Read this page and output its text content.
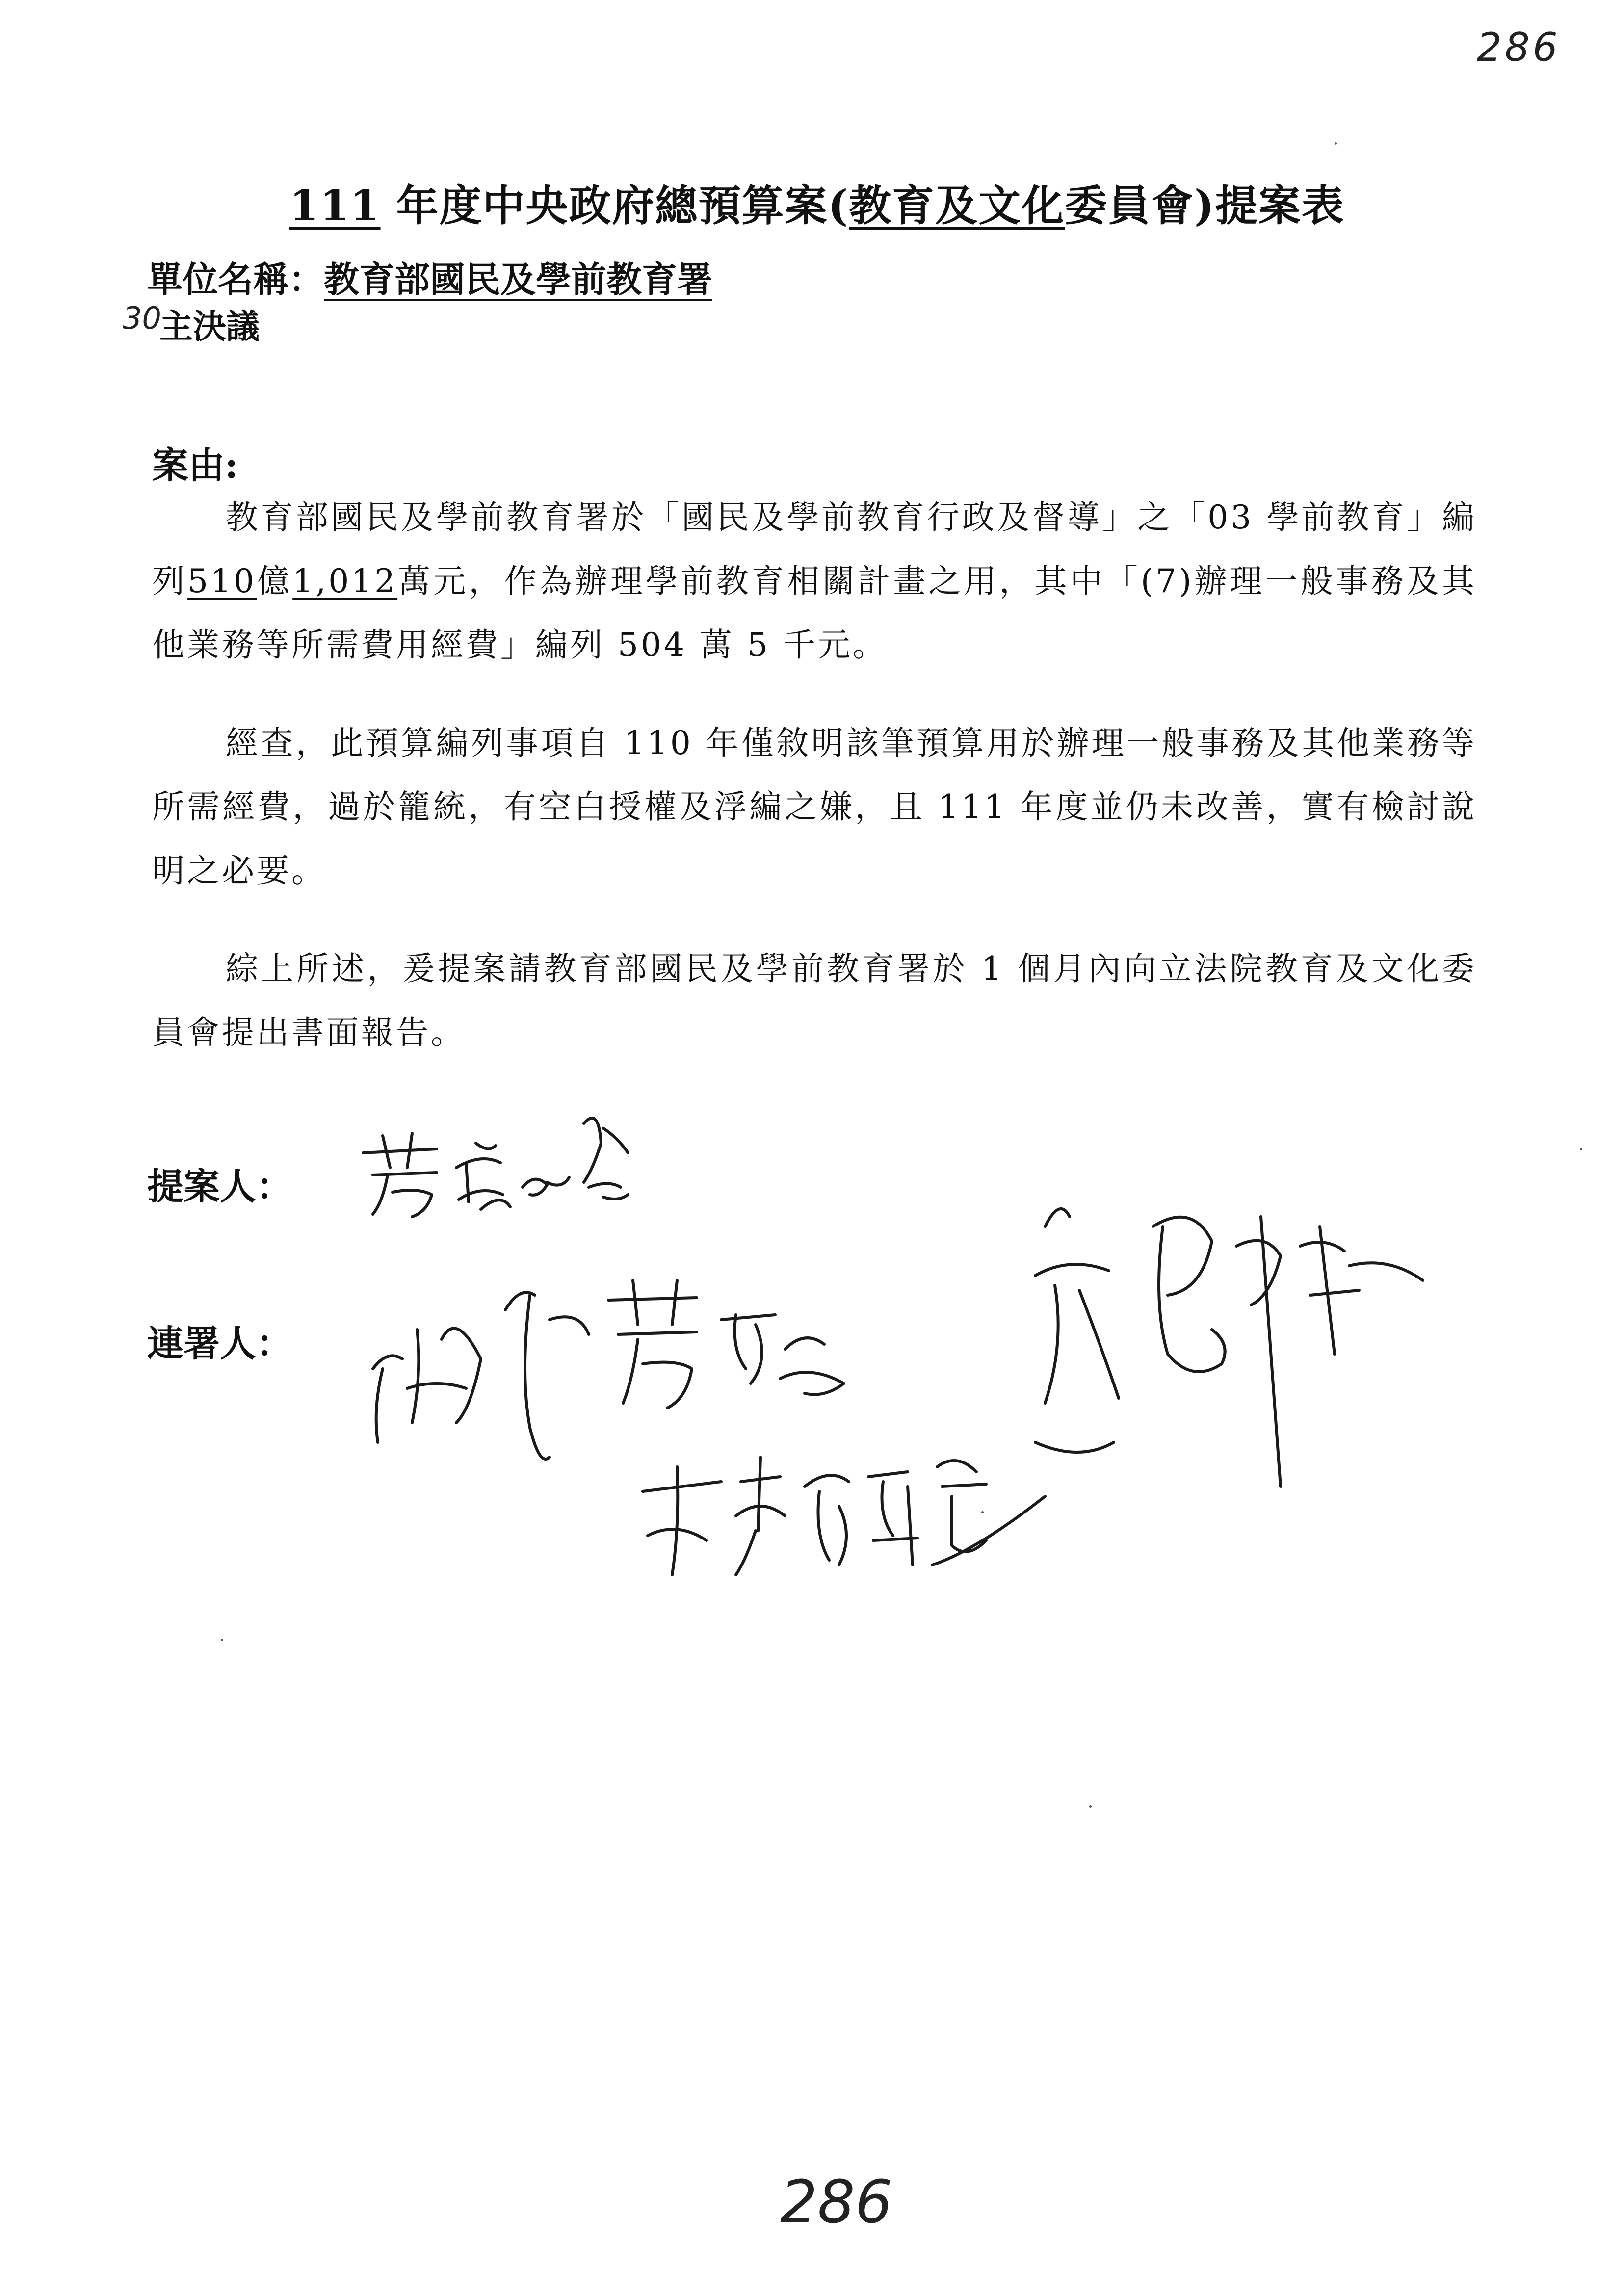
286
111 年度中央政府總預算案(教育及文化委員會)提案表
單位名稱：教育部國民及學前教育署
30
主決議
案由:
教育部國民及學前教育署於「國民及學前教育行政及督導」之「03 學前教育」編列510億1,012萬元，作為辦理學前教育相關計畫之用，其中「(7)辦理一般事務及其他業務等所需費用經費」編列 504 萬 5 千元。
經查，此預算編列事項自 110 年僅敘明該筆預算用於辦理一般事務及其他業務等所需經費，過於籠統，有空白授權及浮編之嫌，且 111 年度並仍未改善，實有檢討說明之必要。
綜上所述，爰提案請教育部國民及學前教育署於 1 個月內向立法院教育及文化委員會提出書面報告。
提案人：
連署人：
286
